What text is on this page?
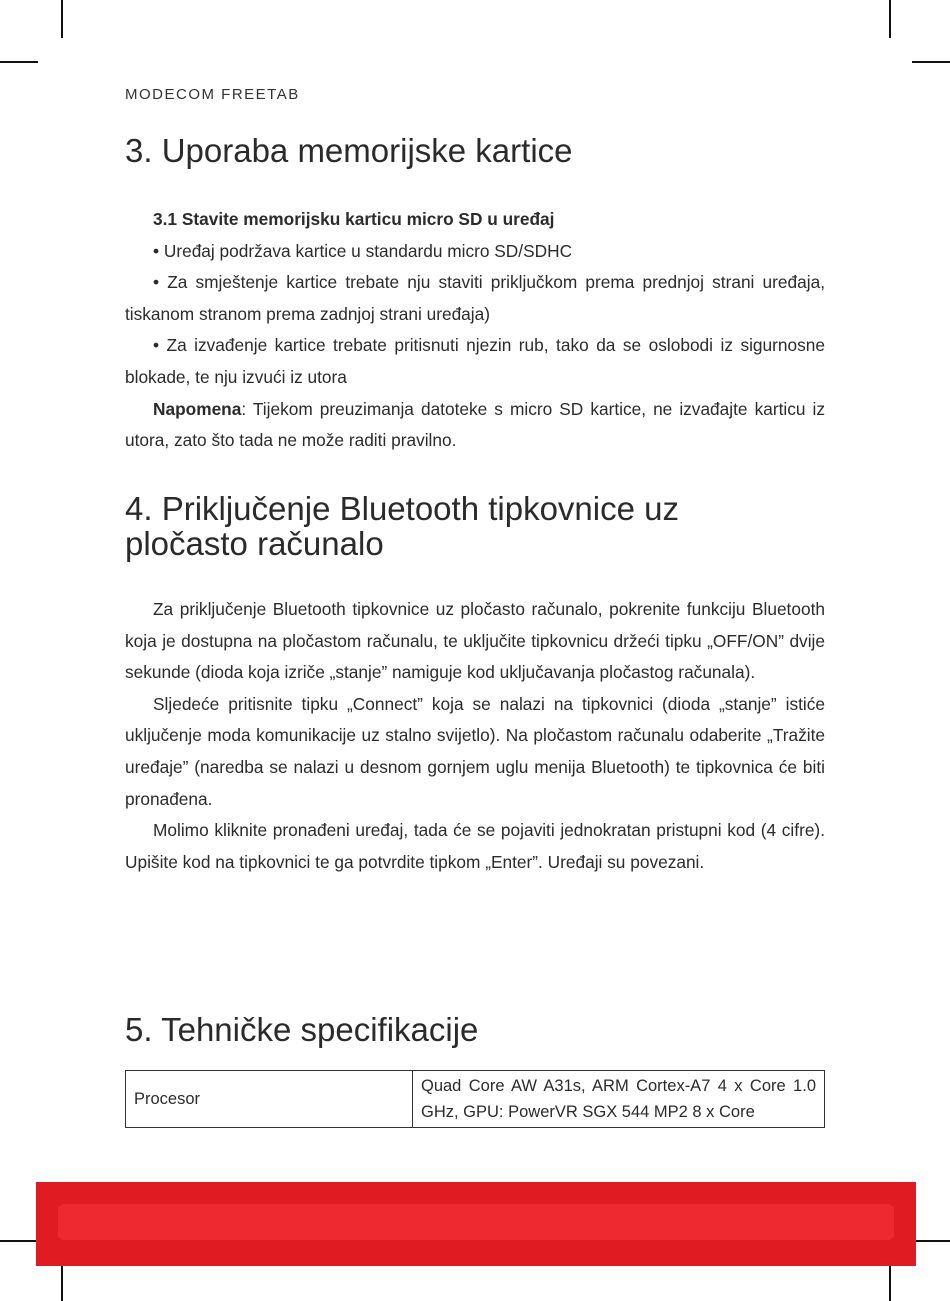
MODECOM FREETAB

3. Uporaba memorijske kartice

3.1 Stavite memorijsku karticu micro SD u uređaj

• Uređaj podržava kartice u standardu micro SD/SDHC

• Za smještenje kartice trebate nju staviti priključkom prema prednjoj strani uređaja, tiskanom stranom prema zadnjoj strani uređaja)

• Za izvađenje kartice trebate pritisnuti njezin rub, tako da se oslobodi iz sigurnosne blokade, te nju izvući iz utora

Napomena: Tijekom preuzimanja datoteke s micro SD kartice, ne izvađajte karticu iz utora, zato što tada ne može raditi pravilno.

4. Priključenje Bluetooth tipkovnice uz pločasto računalo

Za priključenje Bluetooth tipkovnice uz pločasto računalo, pokrenite funkciju Bluetooth koja je dostupna na pločastom računalu, te uključite tipkovnicu držeći tipku „OFF/ON” dvije sekunde (dioda koja izriče „stanje” namiguje kod uključavanja pločastog računala).

Sljedeće pritisnite tipku „Connect” koja se nalazi na tipkovnici (dioda „stanje” istiće uključenje moda komunikacije uz stalno svijetlo). Na pločastom računalu odaberite „Tražite uređaje” (naredba se nalazi u desnom gornjem uglu menija Bluetooth) te tipkovnica će biti pronađena.

Molimo kliknite pronađeni uređaj, tada će se pojaviti jednokratan pristupni kod (4 cifre). Upišite kod na tipkovnici te ga potvrdite tipkom „Enter”. Uređaji su povezani.

5. Tehničke specifikacije
Procesor	Quad Core AW A31s, ARM Cortex-A7 4 x Core 1.0 GHz, GPU: PowerVR SGX 544 MP2 8 x Core
